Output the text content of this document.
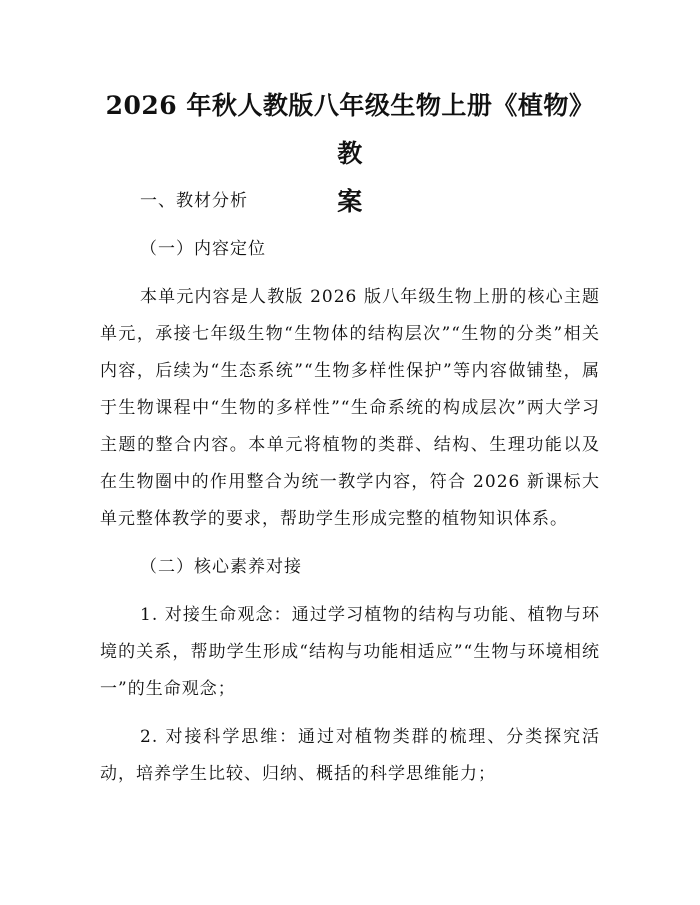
2026 年秋人教版八年级生物上册《植物》教
案
一、教材分析
（一）内容定位
本单元内容是人教版 2026 版八年级生物上册的核心主题单元，承接七年级生物“生物体的结构层次”“生物的分类”相关内容，后续为“生态系统”“生物多样性保护”等内容做铺垫，属于生物课程中“生物的多样性”“生命系统的构成层次”两大学习主题的整合内容。本单元将植物的类群、结构、生理功能以及在生物圈中的作用整合为统一教学内容，符合 2026 新课标大单元整体教学的要求，帮助学生形成完整的植物知识体系。
（二）核心素养对接
1. 对接生命观念：通过学习植物的结构与功能、植物与环境的关系，帮助学生形成“结构与功能相适应”“生物与环境相统一”的生命观念；
2. 对接科学思维：通过对植物类群的梳理、分类探究活动，培养学生比较、归纳、概括的科学思维能力；
